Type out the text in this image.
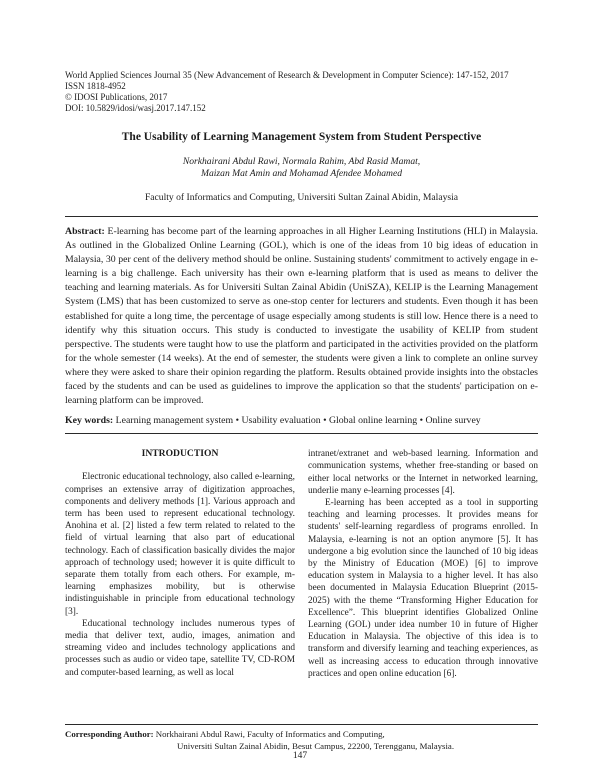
World Applied Sciences Journal 35 (New Advancement of Research & Development in Computer Science): 147-152, 2017
ISSN 1818-4952
© IDOSI Publications, 2017
DOI: 10.5829/idosi/wasj.2017.147.152
The Usability of Learning Management System from Student Perspective
Norkhairani Abdul Rawi, Normala Rahim, Abd Rasid Mamat,
Maizan Mat Amin and Mohamad Afendee Mohamed
Faculty of Informatics and Computing, Universiti Sultan Zainal Abidin, Malaysia

Abstract: E-learning has become part of the learning approaches in all Higher Learning Institutions (HLI) in Malaysia. As outlined in the Globalized Online Learning (GOL), which is one of the ideas from 10 big ideas of education in Malaysia, 30 per cent of the delivery method should be online. Sustaining students' commitment to actively engage in e-learning is a big challenge. Each university has their own e-learning platform that is used as means to deliver the teaching and learning materials. As for Universiti Sultan Zainal Abidin (UniSZA), KELIP is the Learning Management System (LMS) that has been customized to serve as one-stop center for lecturers and students. Even though it has been established for quite a long time, the percentage of usage especially among students is still low. Hence there is a need to identify why this situation occurs. This study is conducted to investigate the usability of KELIP from student perspective. The students were taught how to use the platform and participated in the activities provided on the platform for the whole semester (14 weeks). At the end of semester, the students were given a link to complete an online survey where they were asked to share their opinion regarding the platform. Results obtained provide insights into the obstacles faced by the students and can be used as guidelines to improve the application so that the students' participation on e-learning platform can be improved.

Key words: Learning management system • Usability evaluation • Global online learning • Online survey

INTRODUCTION

Electronic educational technology, also called e-learning, comprises an extensive array of digitization approaches, components and delivery methods [1]. Various approach and term has been used to represent educational technology. Anohina et al. [2] listed a few term related to related to the field of virtual learning that also part of educational technology. Each of classification basically divides the major approach of technology used; however it is quite difficult to separate them totally from each others. For example, m-learning emphasizes mobility, but is otherwise indistinguishable in principle from educational technology [3].

Educational technology includes numerous types of media that deliver text, audio, images, animation and streaming video and includes technology applications and processes such as audio or video tape, satellite TV, CD-ROM and computer-based learning, as well as local

intranet/extranet and web-based learning. Information and communication systems, whether free-standing or based on either local networks or the Internet in networked learning, underlie many e-learning processes [4].

E-learning has been accepted as a tool in supporting teaching and learning processes. It provides means for students' self-learning regardless of programs enrolled. In Malaysia, e-learning is not an option anymore [5]. It has undergone a big evolution since the launched of 10 big ideas by the Ministry of Education (MOE) [6] to improve education system in Malaysia to a higher level. It has also been documented in Malaysia Education Blueprint (2015-2025) with the theme “Transforming Higher Education for Excellence”. This blueprint identifies Globalized Online Learning (GOL) under idea number 10 in future of Higher Education in Malaysia. The objective of this idea is to transform and diversify learning and teaching experiences, as well as increasing access to education through innovative practices and open online education [6].

Corresponding Author: Norkhairani Abdul Rawi, Faculty of Informatics and Computing,
Universiti Sultan Zainal Abidin, Besut Campus, 22200, Terengganu, Malaysia.
147
